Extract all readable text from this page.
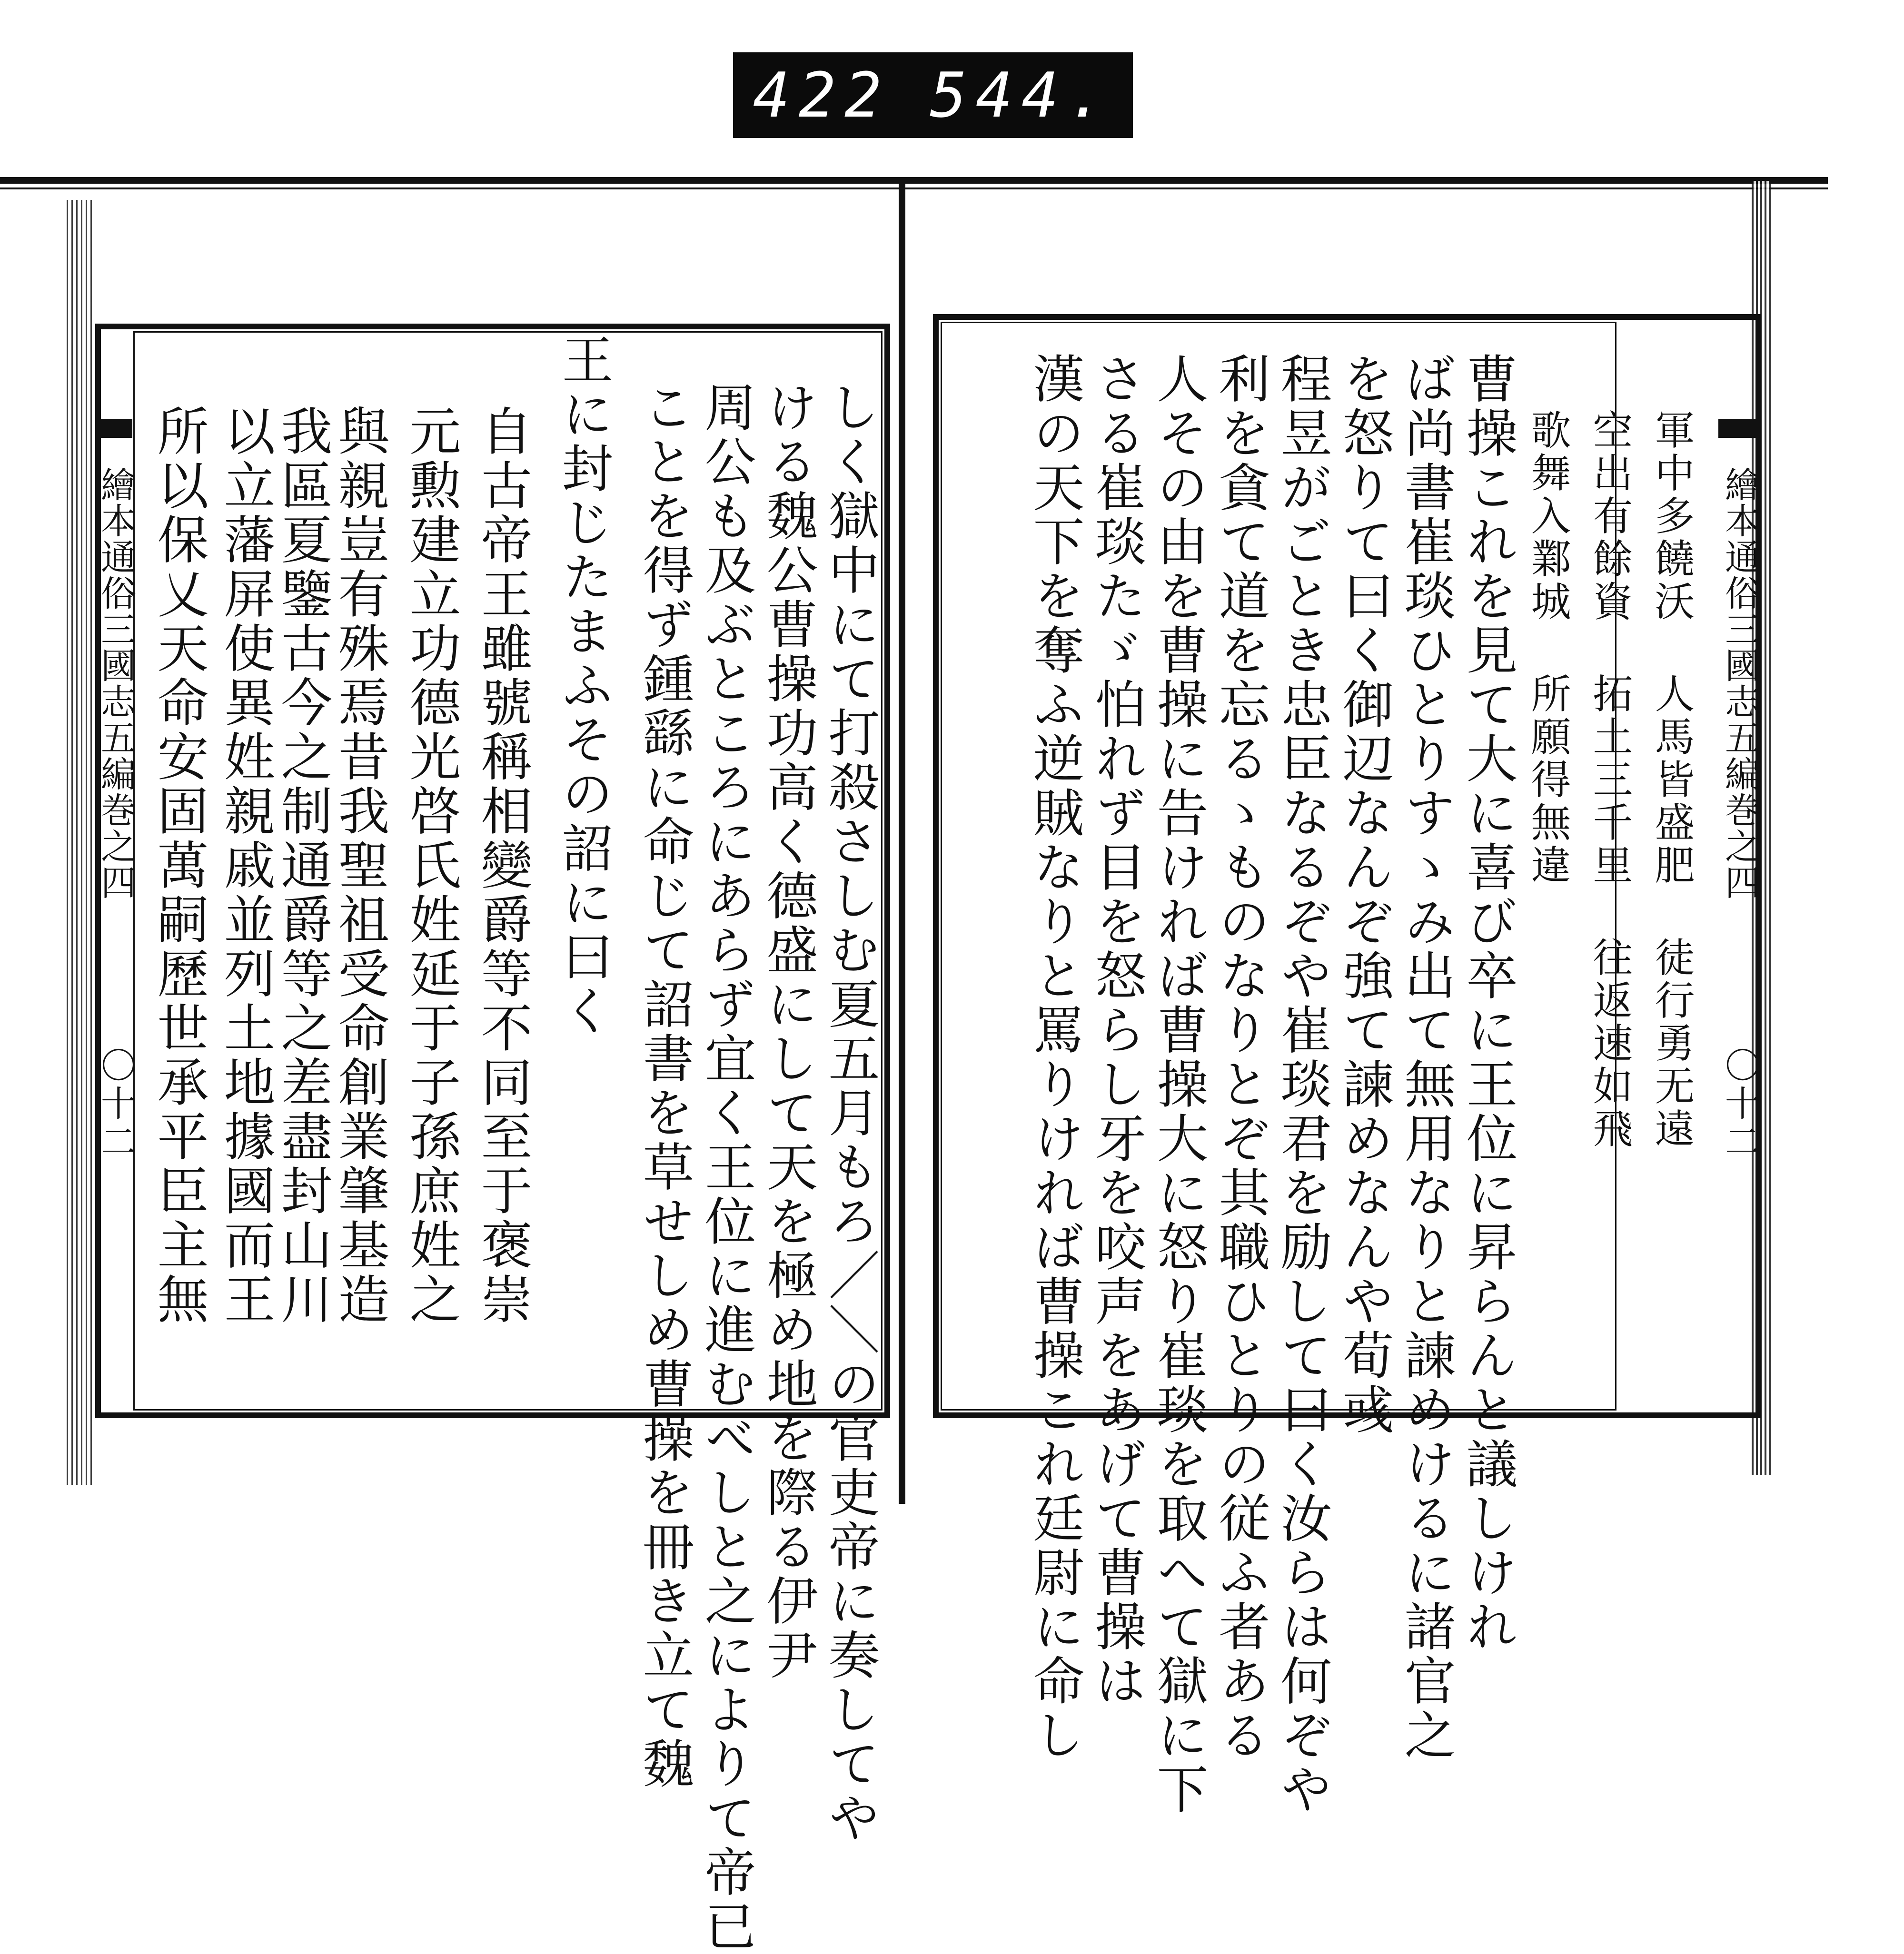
422 544.
繪本通俗三國志五編巻之四
〇十二	しく獄中にて打殺さしむ夏五月もろ／＼の官吏帝に奏してや
ける魏公曹操功高く德盛にして天を極め地を際る伊尹
周公も及ぶところにあらず宜く王位に進むべしと之によりて帝已
ことを得ず鍾繇に命じて詔書を草せしめ曹操を冊き立て魏
王に封じたまふその詔に曰く
自古帝王雖號稱相變爵等不同至于褒崇
元勲建立功德光啓氏姓延于子孫庶姓之
與親豈有殊焉昔我聖祖受命創業肇基造
我區夏鑒古今之制通爵等之差盡封山川
以立藩屏使異姓親戚並列土地據國而王
所以保乂天命安固萬嗣歷世承平臣主無	繪本通俗三國志五編巻之四
〇十二
軍中多饒沃 人馬皆盛肥 徒行勇无遠
空出有餘資 拓土三千里 往返速如飛
歌舞入鄴城 所願得無違
曹操これを見て大に喜び卒に王位に昇らんと議しけれ
ば尚書崔琰ひとりすゝみ出て無用なりと諫めけるに諸官之
を怒りて曰く御辺なんぞ強て諫めなんや荀彧
程昱がごとき忠臣なるぞや崔琰君を励して曰く汝らは何ぞや
利を貪て道を忘るゝものなりとぞ其職ひとりの従ふ者ある
人その由を曹操に告ければ曹操大に怒り崔琰を取へて獄に下
さる崔琰たゞ怕れず目を怒らし牙を咬声をあげて曹操は
漢の天下を奪ふ逆賊なりと罵りければ曹操これ廷尉に命し
